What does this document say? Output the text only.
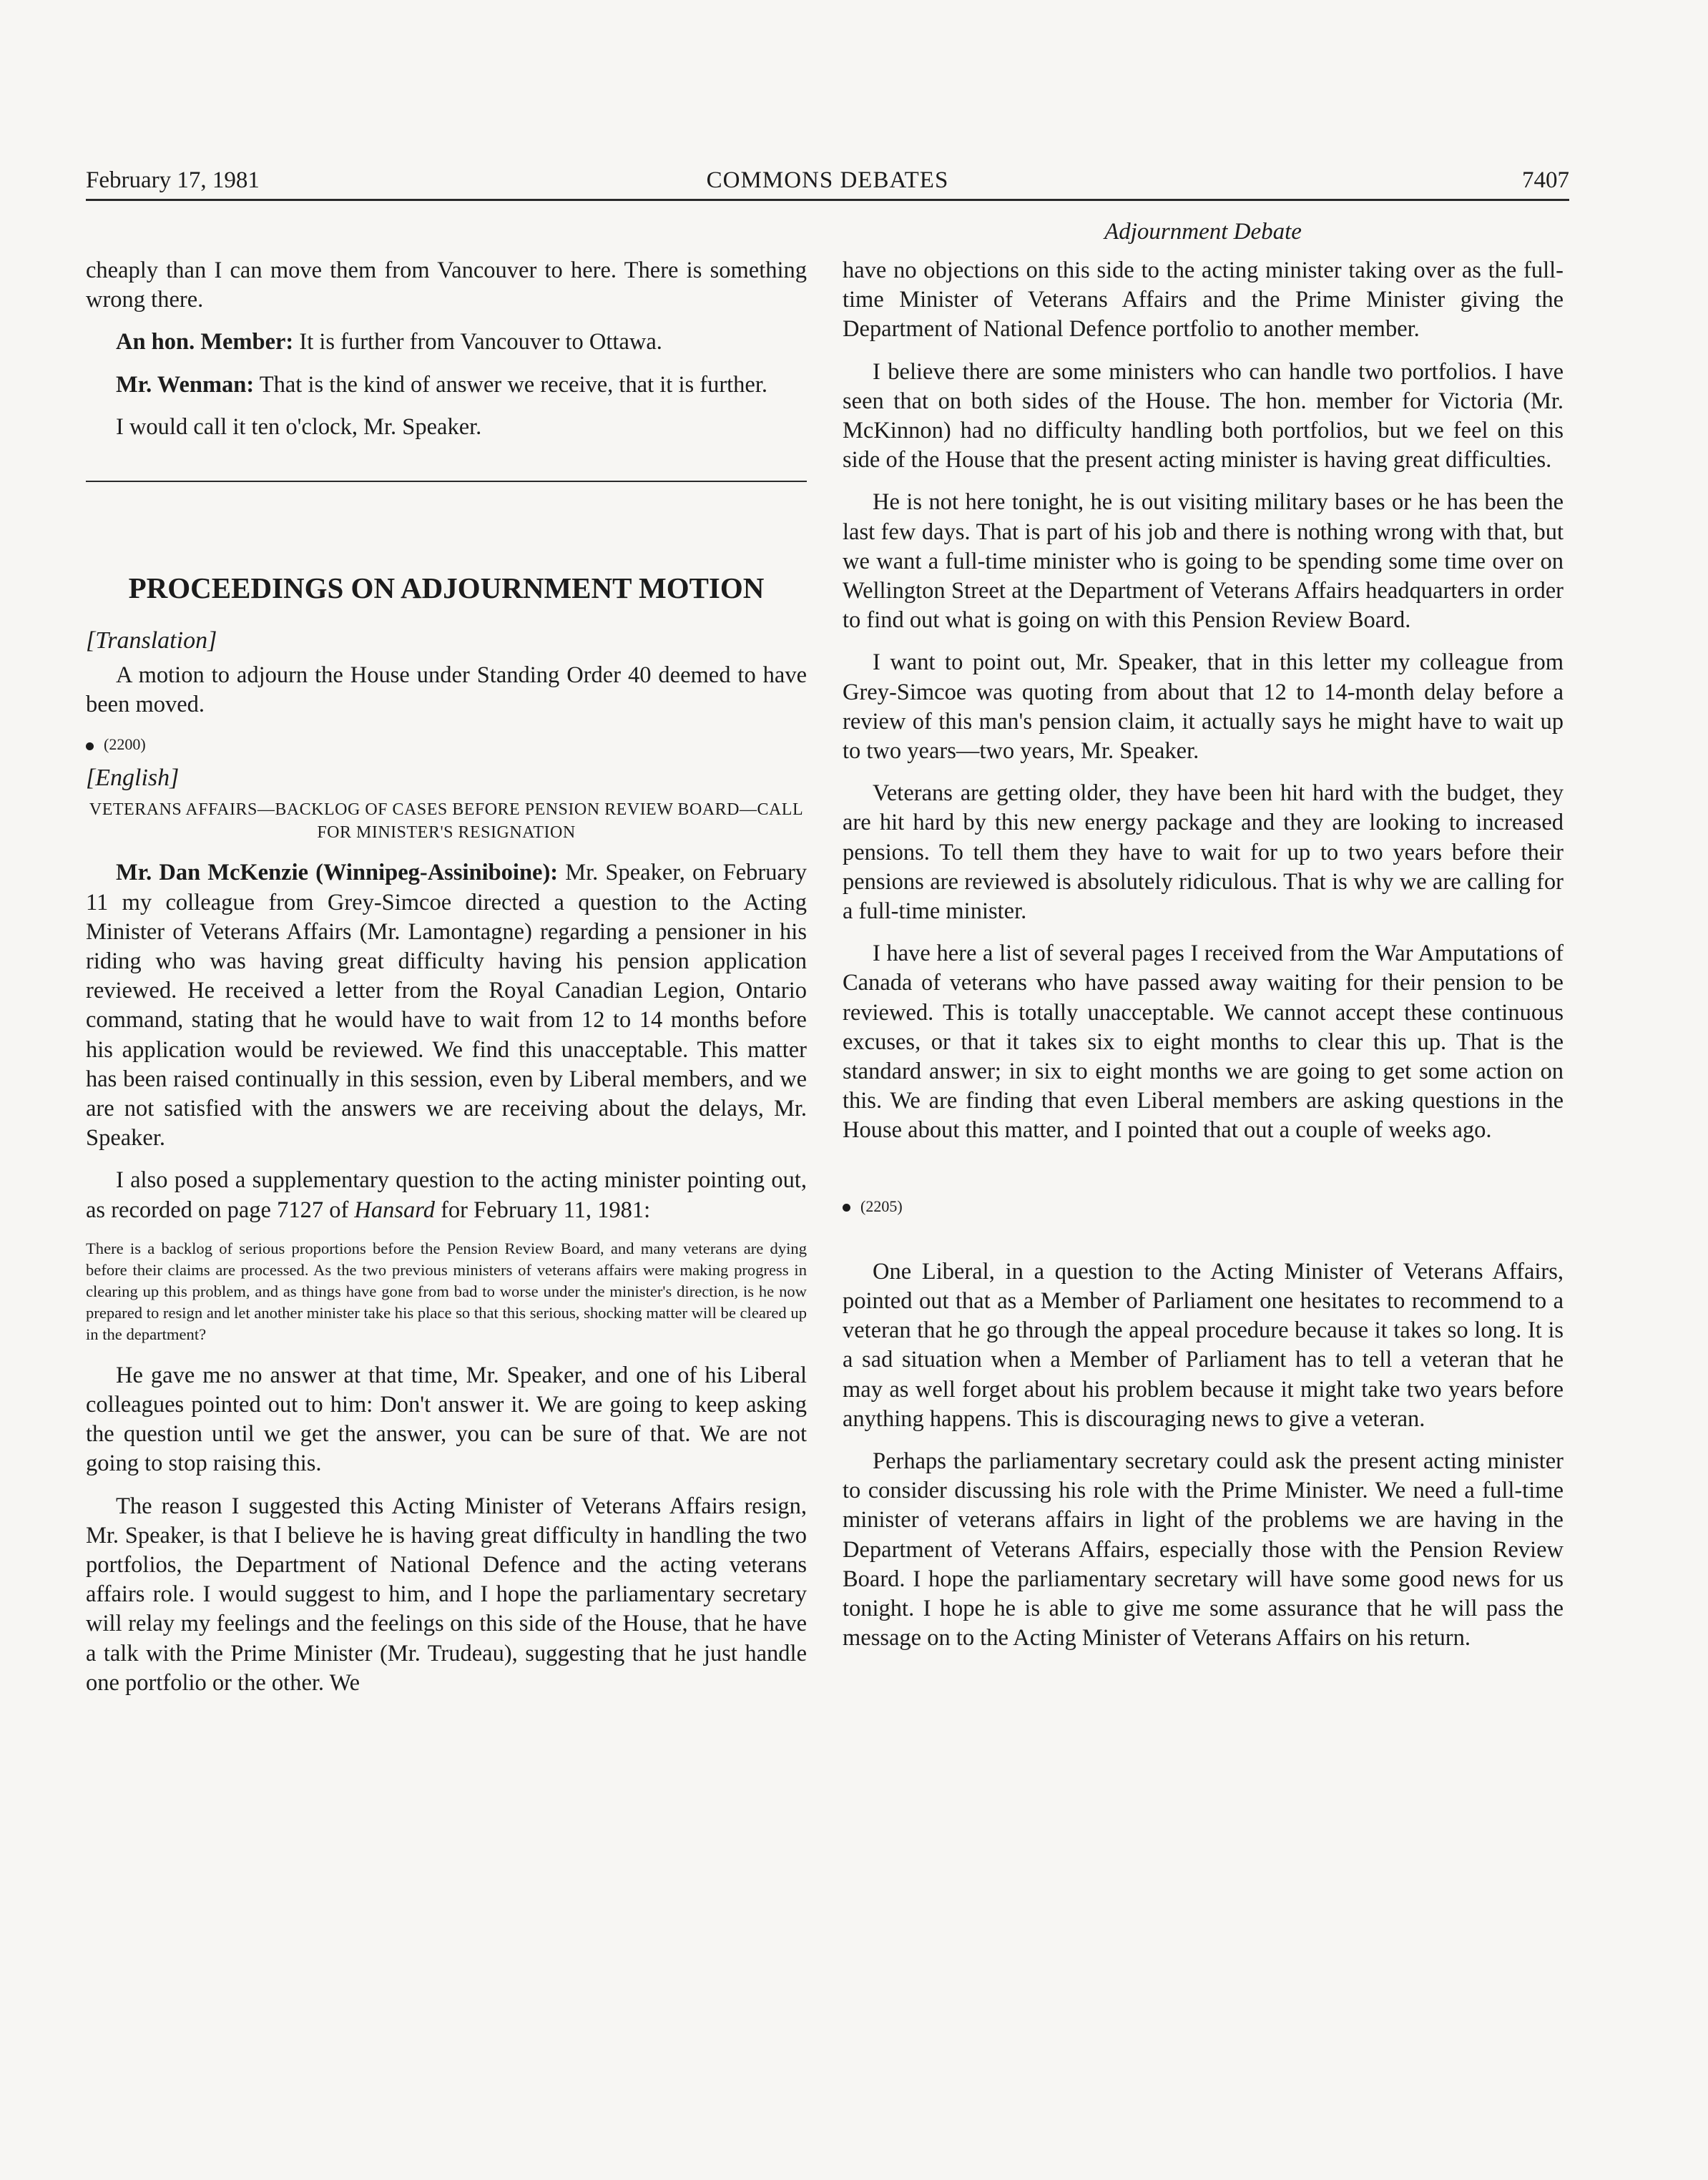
February 17, 1981	COMMONS DEBATES	7407
Adjournment Debate

cheaply than I can move them from Vancouver to here. There is something wrong there.

An hon. Member: It is further from Vancouver to Ottawa.

Mr. Wenman: That is the kind of answer we receive, that it is further.

I would call it ten o'clock, Mr. Speaker.

PROCEEDINGS ON ADJOURNMENT MOTION
[Translation]

A motion to adjourn the House under Standing Order 40 deemed to have been moved.

(2200)
[English]
VETERANS AFFAIRS—BACKLOG OF CASES BEFORE PENSION REVIEW BOARD—CALL FOR MINISTER'S RESIGNATION

Mr. Dan McKenzie (Winnipeg-Assiniboine): Mr. Speaker, on February 11 my colleague from Grey-Simcoe directed a question to the Acting Minister of Veterans Affairs (Mr. Lamontagne) regarding a pensioner in his riding who was having great difficulty having his pension application reviewed. He received a letter from the Royal Canadian Legion, Ontario command, stating that he would have to wait from 12 to 14 months before his application would be reviewed. We find this unacceptable. This matter has been raised continually in this session, even by Liberal members, and we are not satisfied with the answers we are receiving about the delays, Mr. Speaker.

I also posed a supplementary question to the acting minister pointing out, as recorded on page 7127 of Hansard for February 11, 1981:

There is a backlog of serious proportions before the Pension Review Board, and many veterans are dying before their claims are processed. As the two previous ministers of veterans affairs were making progress in clearing up this problem, and as things have gone from bad to worse under the minister's direction, is he now prepared to resign and let another minister take his place so that this serious, shocking matter will be cleared up in the department?

He gave me no answer at that time, Mr. Speaker, and one of his Liberal colleagues pointed out to him: Don't answer it. We are going to keep asking the question until we get the answer, you can be sure of that. We are not going to stop raising this.

The reason I suggested this Acting Minister of Veterans Affairs resign, Mr. Speaker, is that I believe he is having great difficulty in handling the two portfolios, the Department of National Defence and the acting veterans affairs role. I would suggest to him, and I hope the parliamentary secretary will relay my feelings and the feelings on this side of the House, that he have a talk with the Prime Minister (Mr. Trudeau), suggesting that he just handle one portfolio or the other. We

have no objections on this side to the acting minister taking over as the full-time Minister of Veterans Affairs and the Prime Minister giving the Department of National Defence portfolio to another member.

I believe there are some ministers who can handle two portfolios. I have seen that on both sides of the House. The hon. member for Victoria (Mr. McKinnon) had no difficulty handling both portfolios, but we feel on this side of the House that the present acting minister is having great difficulties.

He is not here tonight, he is out visiting military bases or he has been the last few days. That is part of his job and there is nothing wrong with that, but we want a full-time minister who is going to be spending some time over on Wellington Street at the Department of Veterans Affairs headquarters in order to find out what is going on with this Pension Review Board.

I want to point out, Mr. Speaker, that in this letter my colleague from Grey-Simcoe was quoting from about that 12 to 14-month delay before a review of this man's pension claim, it actually says he might have to wait up to two years—two years, Mr. Speaker.

Veterans are getting older, they have been hit hard with the budget, they are hit hard by this new energy package and they are looking to increased pensions. To tell them they have to wait for up to two years before their pensions are reviewed is absolutely ridiculous. That is why we are calling for a full-time minister.

I have here a list of several pages I received from the War Amputations of Canada of veterans who have passed away waiting for their pension to be reviewed. This is totally unacceptable. We cannot accept these continuous excuses, or that it takes six to eight months to clear this up. That is the standard answer; in six to eight months we are going to get some action on this. We are finding that even Liberal members are asking questions in the House about this matter, and I pointed that out a couple of weeks ago.

(2205)

One Liberal, in a question to the Acting Minister of Veterans Affairs, pointed out that as a Member of Parliament one hesitates to recommend to a veteran that he go through the appeal procedure because it takes so long. It is a sad situation when a Member of Parliament has to tell a veteran that he may as well forget about his problem because it might take two years before anything happens. This is discouraging news to give a veteran.

Perhaps the parliamentary secretary could ask the present acting minister to consider discussing his role with the Prime Minister. We need a full-time minister of veterans affairs in light of the problems we are having in the Department of Veterans Affairs, especially those with the Pension Review Board. I hope the parliamentary secretary will have some good news for us tonight. I hope he is able to give me some assurance that he will pass the message on to the Acting Minister of Veterans Affairs on his return.
